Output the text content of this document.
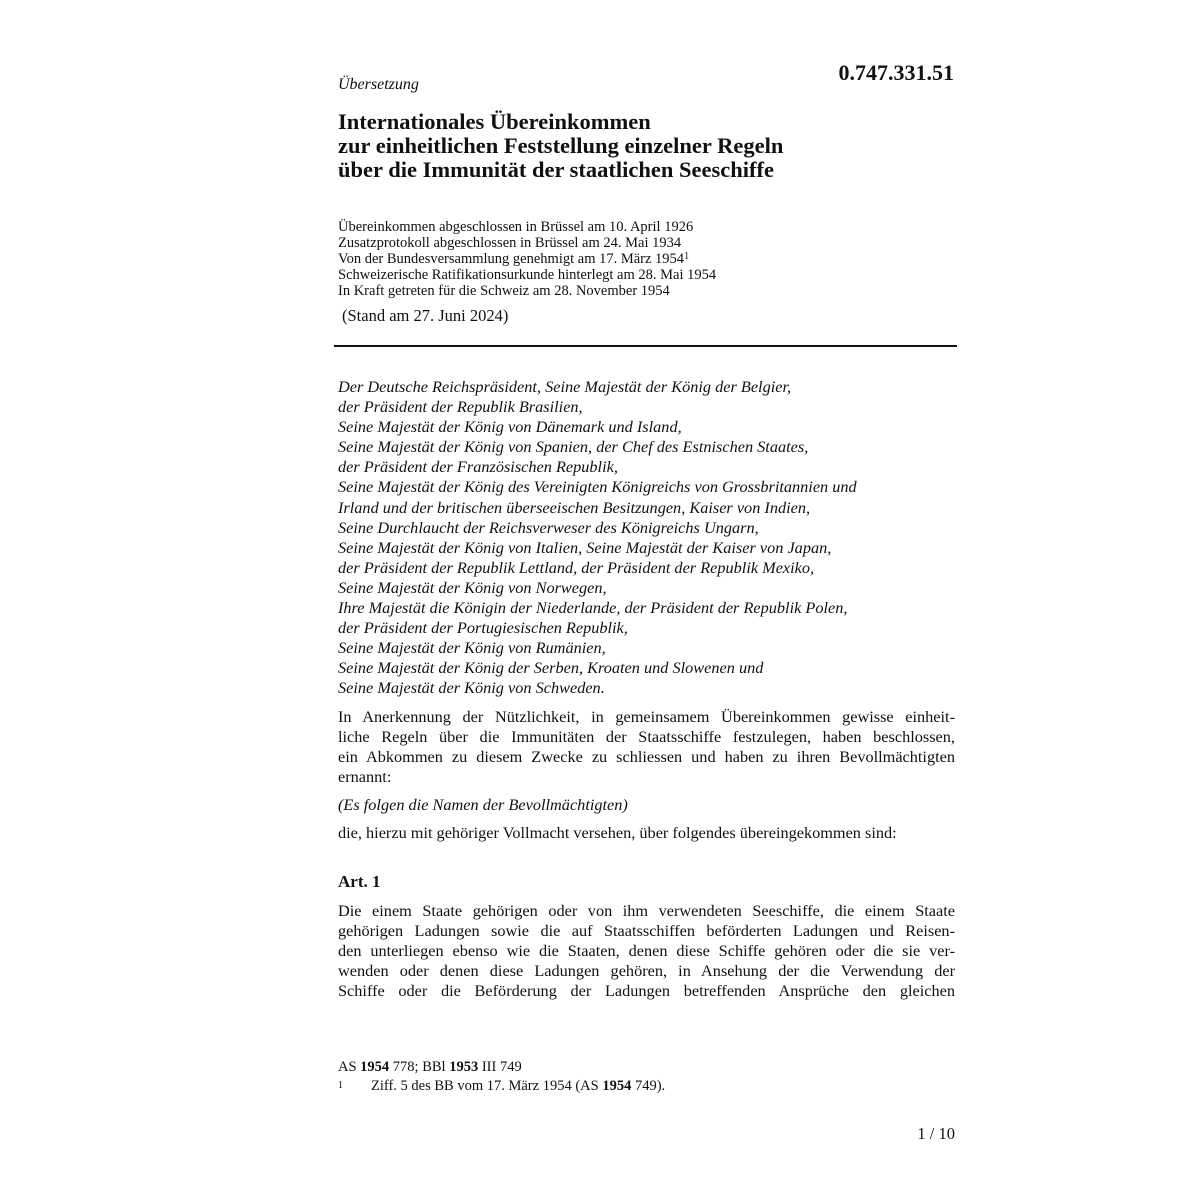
Übersetzung	0.747.331.51
Internationales Übereinkommen
zur einheitlichen Feststellung einzelner Regeln
über die Immunität der staatlichen Seeschiffe
Übereinkommen abgeschlossen in Brüssel am 10. April 1926
Zusatzprotokoll abgeschlossen in Brüssel am 24. Mai 1934
Von der Bundesversammlung genehmigt am 17. März 1954$^1$
Schweizerische Ratifikationsurkunde hinterlegt am 28. Mai 1954
In Kraft getreten für die Schweiz am 28. November 1954
(Stand am 27. Juni 2024)
Der Deutsche Reichspräsident, Seine Majestät der König der Belgier,
der Präsident der Republik Brasilien,
Seine Majestät der König von Dänemark und Island,
Seine Majestät der König von Spanien, der Chef des Estnischen Staates,
der Präsident der Französischen Republik,
Seine Majestät der König des Vereinigten Königreichs von Grossbritannien und
Irland und der britischen überseeischen Besitzungen, Kaiser von Indien,
Seine Durchlaucht der Reichsverweser des Königreichs Ungarn,
Seine Majestät der König von Italien, Seine Majestät der Kaiser von Japan,
der Präsident der Republik Lettland, der Präsident der Republik Mexiko,
Seine Majestät der König von Norwegen,
Ihre Majestät die Königin der Niederlande, der Präsident der Republik Polen,
der Präsident der Portugiesischen Republik,
Seine Majestät der König von Rumänien,
Seine Majestät der König der Serben, Kroaten und Slowenen und
Seine Majestät der König von Schweden.
In Anerkennung der Nützlichkeit, in gemeinsamem Übereinkommen gewisse einheit-
liche Regeln über die Immunitäten der Staatsschiffe festzulegen, haben beschlossen,
ein Abkommen zu diesem Zwecke zu schliessen und haben zu ihren Bevollmächtigten
ernannt:
(Es folgen die Namen der Bevollmächtigten)
die, hierzu mit gehöriger Vollmacht versehen, über folgendes übereingekommen sind:
Art. 1
Die einem Staate gehörigen oder von ihm verwendeten Seeschiffe, die einem Staate
gehörigen Ladungen sowie die auf Staatsschiffen beförderten Ladungen und Reisen-
den unterliegen ebenso wie die Staaten, denen diese Schiffe gehören oder die sie ver-
wenden oder denen diese Ladungen gehören, in Ansehung der die Verwendung der
Schiffe oder die Beförderung der Ladungen betreffenden Ansprüche den gleichen
AS 1954 778; BBl 1953 III 749
1 Ziff. 5 des BB vom 17. März 1954 (AS 1954 749).
1 / 10
